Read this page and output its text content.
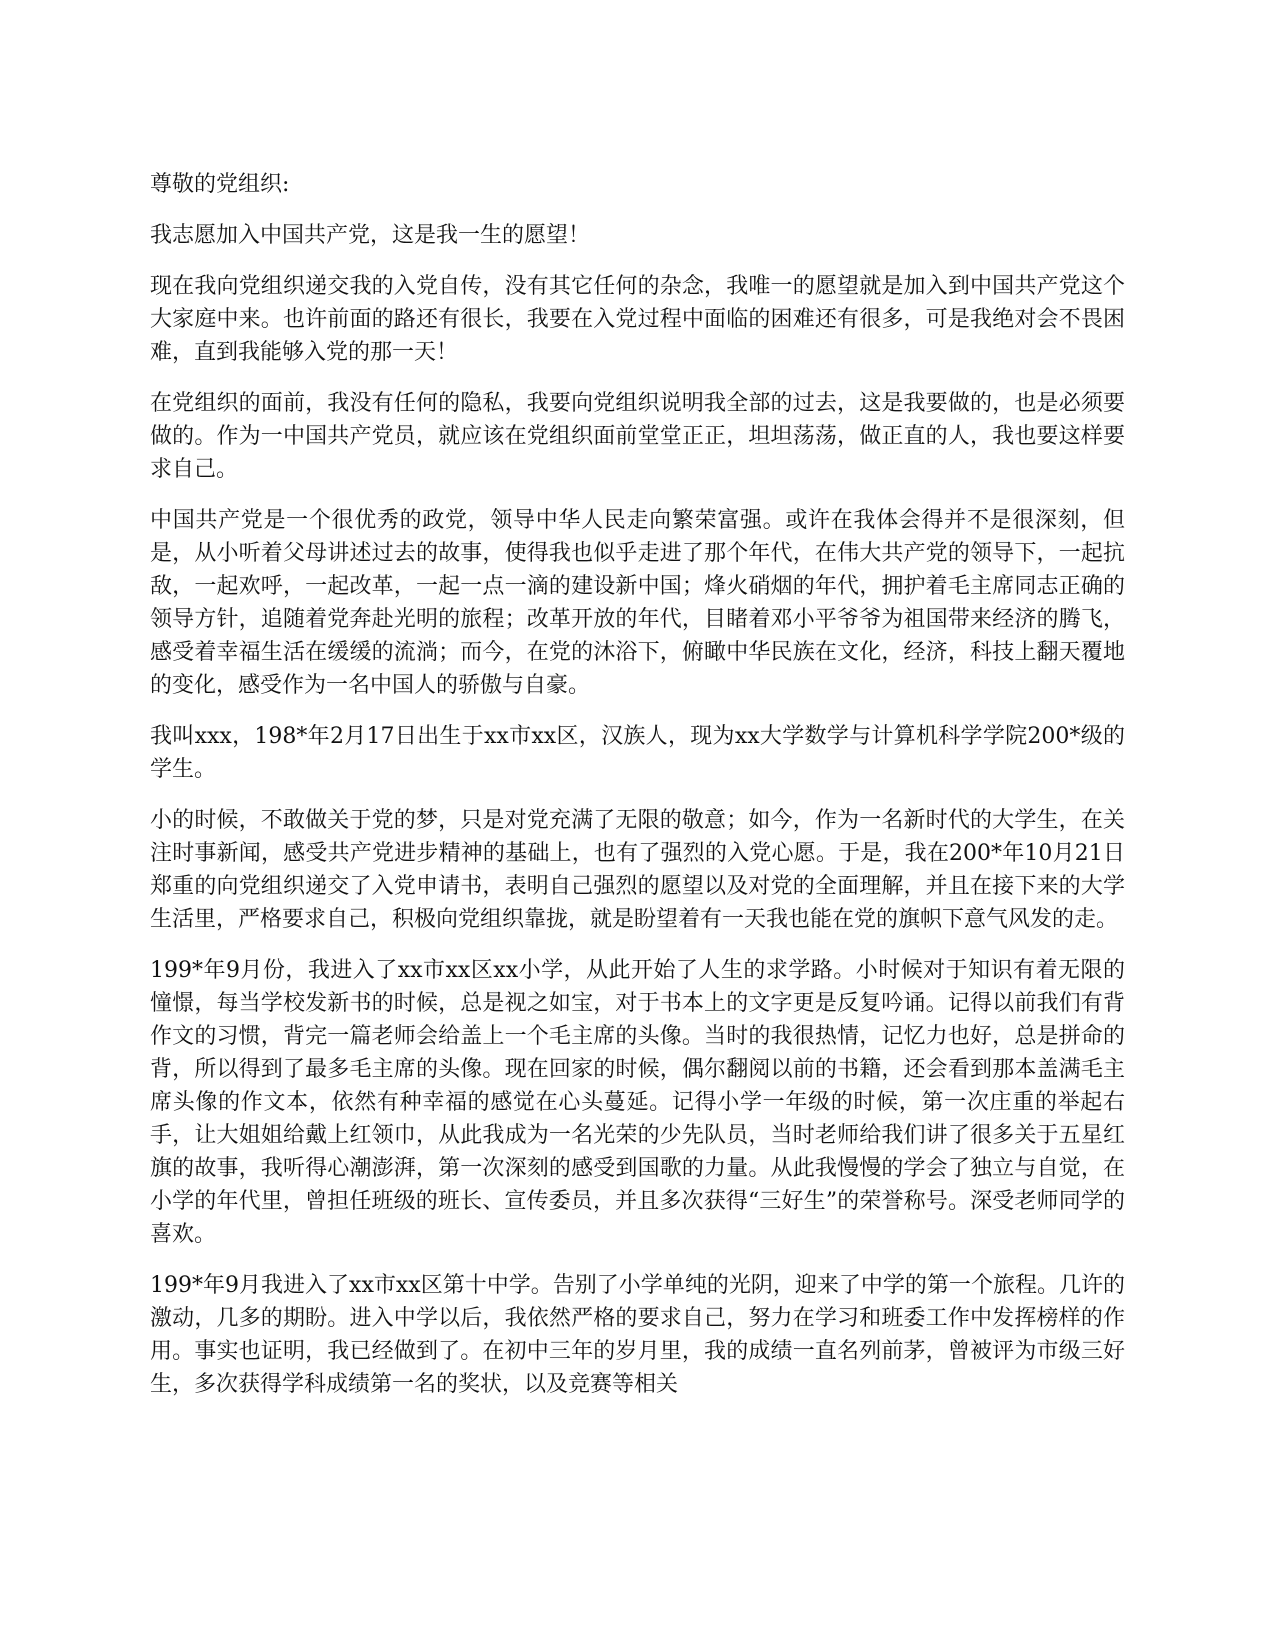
尊敬的党组织:

我志愿加入中国共产党，这是我一生的愿望！

现在我向党组织递交我的入党自传，没有其它任何的杂念，我唯一的愿望就是加入到中国共产党这个大家庭中来。也许前面的路还有很长，我要在入党过程中面临的困难还有很多，可是我绝对会不畏困难，直到我能够入党的那一天！

在党组织的面前，我没有任何的隐私，我要向党组织说明我全部的过去，这是我要做的，也是必须要做的。作为一中国共产党员，就应该在党组织面前堂堂正正，坦坦荡荡，做正直的人，我也要这样要求自己。

中国共产党是一个很优秀的政党，领导中华人民走向繁荣富强。或许在我体会得并不是很深刻，但是，从小听着父母讲述过去的故事，使得我也似乎走进了那个年代，在伟大共产党的领导下，一起抗敌，一起欢呼，一起改革，一起一点一滴的建设新中国；烽火硝烟的年代，拥护着毛主席同志正确的领导方针，追随着党奔赴光明的旅程；改革开放的年代，目睹着邓小平爷爷为祖国带来经济的腾飞，感受着幸福生活在缓缓的流淌；而今，在党的沐浴下，俯瞰中华民族在文化，经济，科技上翻天覆地的变化，感受作为一名中国人的骄傲与自豪。

我叫xxx，198*年2月17日出生于xx市xx区，汉族人，现为xx大学数学与计算机科学学院200*级的学生。

小的时候，不敢做关于党的梦，只是对党充满了无限的敬意；如今，作为一名新时代的大学生，在关注时事新闻，感受共产党进步精神的基础上，也有了强烈的入党心愿。于是，我在200*年10月21日郑重的向党组织递交了入党申请书，表明自己强烈的愿望以及对党的全面理解，并且在接下来的大学生活里，严格要求自己，积极向党组织靠拢，就是盼望着有一天我也能在党的旗帜下意气风发的走。

199*年9月份，我进入了xx市xx区xx小学，从此开始了人生的求学路。小时候对于知识有着无限的憧憬，每当学校发新书的时候，总是视之如宝，对于书本上的文字更是反复吟诵。记得以前我们有背作文的习惯，背完一篇老师会给盖上一个毛主席的头像。当时的我很热情，记忆力也好，总是拼命的背，所以得到了最多毛主席的头像。现在回家的时候，偶尔翻阅以前的书籍，还会看到那本盖满毛主席头像的作文本，依然有种幸福的感觉在心头蔓延。记得小学一年级的时候，第一次庄重的举起右手，让大姐姐给戴上红领巾，从此我成为一名光荣的少先队员，当时老师给我们讲了很多关于五星红旗的故事，我听得心潮澎湃，第一次深刻的感受到国歌的力量。从此我慢慢的学会了独立与自觉，在小学的年代里，曾担任班级的班长、宣传委员，并且多次获得“三好生”的荣誉称号。深受老师同学的喜欢。

199*年9月我进入了xx市xx区第十中学。告别了小学单纯的光阴，迎来了中学的第一个旅程。几许的激动，几多的期盼。进入中学以后，我依然严格的要求自己，努力在学习和班委工作中发挥榜样的作用。事实也证明，我已经做到了。在初中三年的岁月里，我的成绩一直名列前茅，曾被评为市级三好生，多次获得学科成绩第一名的奖状，以及竞赛等相关
